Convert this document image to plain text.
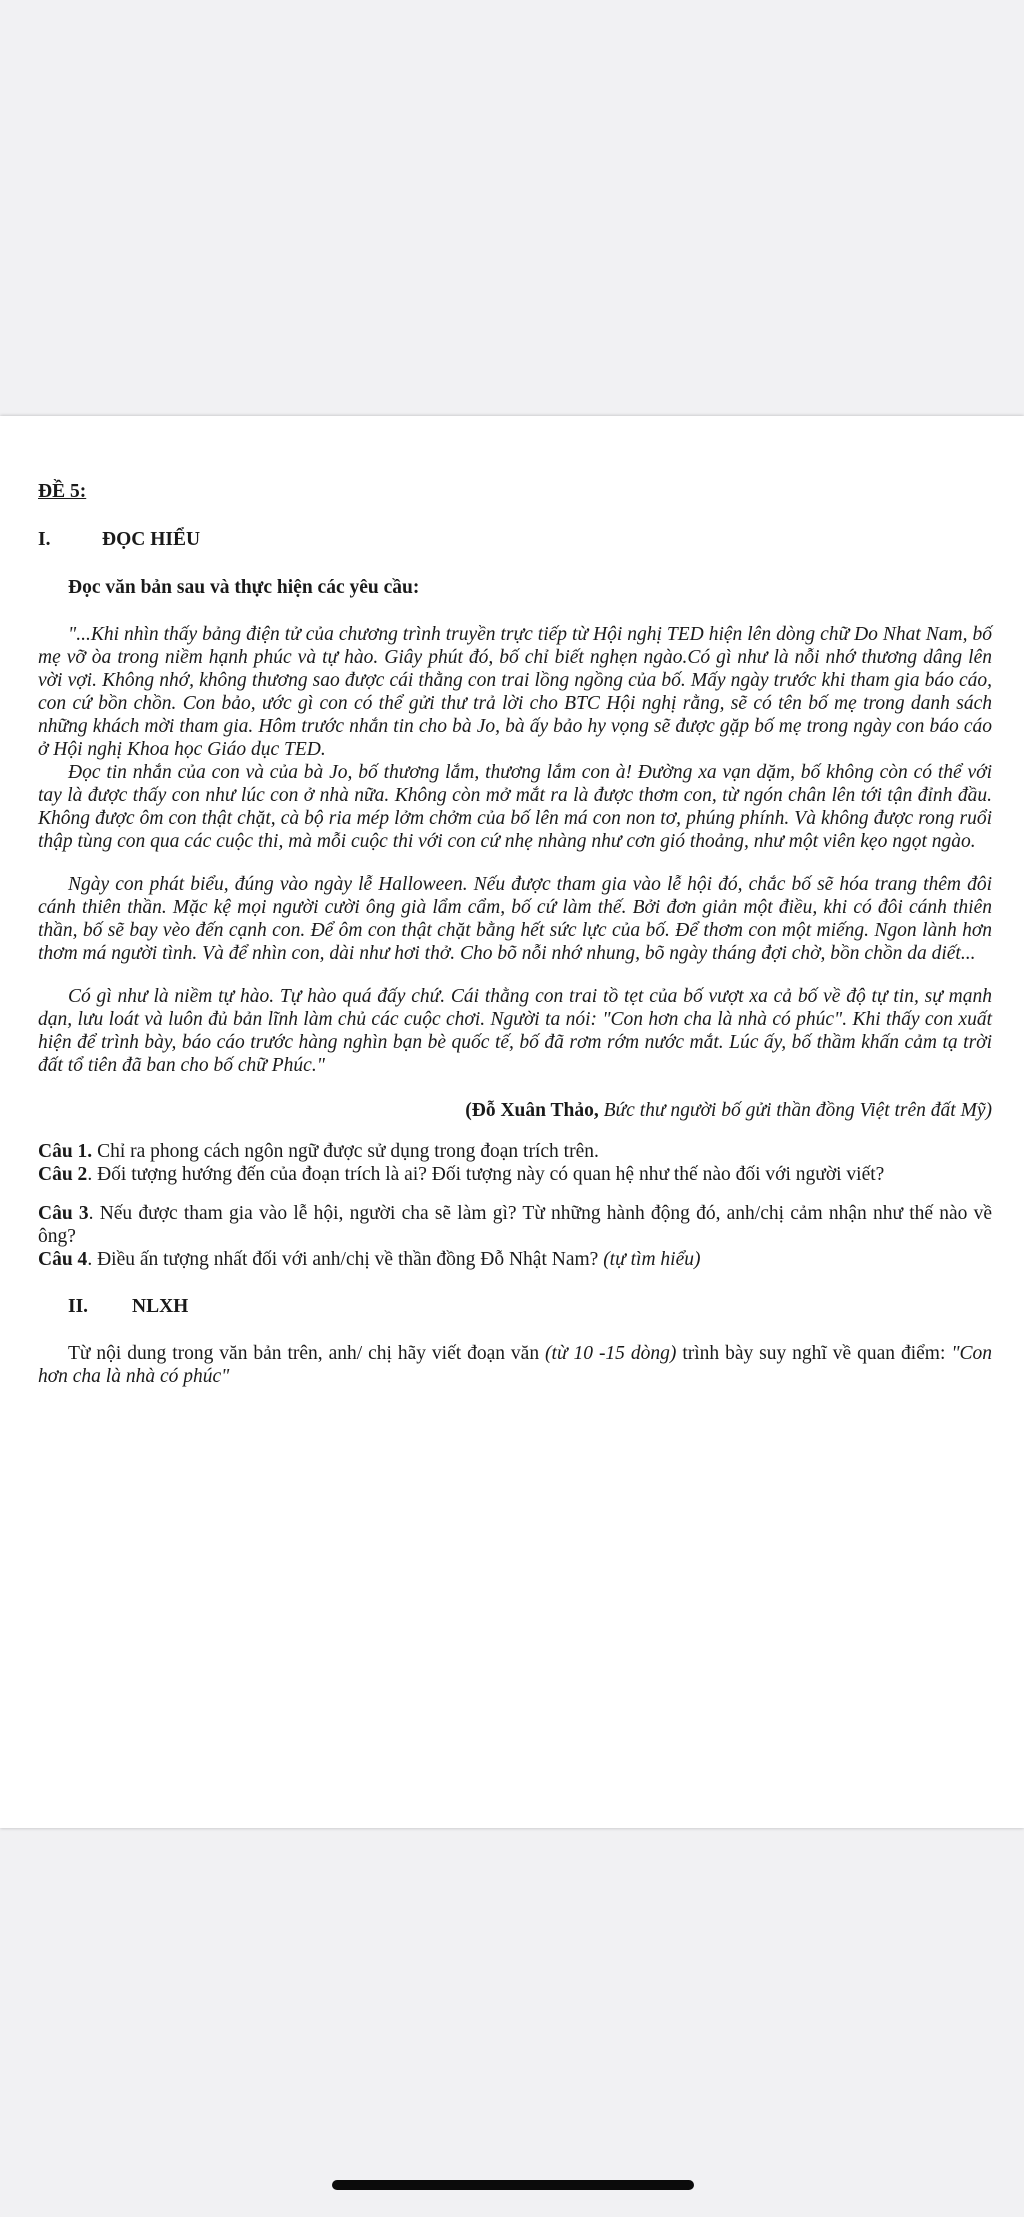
ĐỀ 5:
I.	ĐỌC HIỂU
Đọc văn bản sau và thực hiện các yêu cầu:

"...Khi nhìn thấy bảng điện tử của chương trình truyền trực tiếp từ Hội nghị TED hiện lên dòng chữ Do Nhat Nam, bố mẹ vỡ òa trong niềm hạnh phúc và tự hào. Giây phút đó, bố chỉ biết nghẹn ngào.Có gì như là nỗi nhớ thương dâng lên vời vợi. Không nhớ, không thương sao được cái thằng con trai lồng ngồng của bố. Mấy ngày trước khi tham gia báo cáo, con cứ bồn chồn. Con bảo, ước gì con có thể gửi thư trả lời cho BTC Hội nghị rằng, sẽ có tên bố mẹ trong danh sách những khách mời tham gia. Hôm trước nhắn tin cho bà Jo, bà ấy bảo hy vọng sẽ được gặp bố mẹ trong ngày con báo cáo ở Hội nghị Khoa học Giáo dục TED.

Đọc tin nhắn của con và của bà Jo, bố thương lắm, thương lắm con à! Đường xa vạn dặm, bố không còn có thể với tay là được thấy con như lúc con ở nhà nữa. Không còn mở mắt ra là được thơm con, từ ngón chân lên tới tận đỉnh đầu. Không được ôm con thật chặt, cà bộ ria mép lởm chởm của bố lên má con non tơ, phúng phính. Và không được rong ruổi thập tùng con qua các cuộc thi, mà mỗi cuộc thi với con cứ nhẹ nhàng như cơn gió thoảng, như một viên kẹo ngọt ngào.

Ngày con phát biểu, đúng vào ngày lễ Halloween. Nếu được tham gia vào lễ hội đó, chắc bố sẽ hóa trang thêm đôi cánh thiên thần. Mặc kệ mọi người cười ông già lẩm cẩm, bố cứ làm thế. Bởi đơn giản một điều, khi có đôi cánh thiên thần, bố sẽ bay vèo đến cạnh con. Để ôm con thật chặt bằng hết sức lực của bố. Để thơm con một miếng. Ngon lành hơn thơm má người tình. Và để nhìn con, dài như hơi thở. Cho bõ nỗi nhớ nhung, bõ ngày tháng đợi chờ, bồn chồn da diết...

Có gì như là niềm tự hào. Tự hào quá đấy chứ. Cái thằng con trai tồ tẹt của bố vượt xa cả bố về độ tự tin, sự mạnh dạn, lưu loát và luôn đủ bản lĩnh làm chủ các cuộc chơi. Người ta nói: "Con hơn cha là nhà có phúc". Khi thấy con xuất hiện để trình bày, báo cáo trước hàng nghìn bạn bè quốc tế, bố đã rơm rớm nước mắt. Lúc ấy, bố thầm khấn cảm tạ trời đất tổ tiên đã ban cho bố chữ Phúc."

(Đỗ Xuân Thảo, Bức thư người bố gửi thần đồng Việt trên đất Mỹ)

Câu 1. Chỉ ra phong cách ngôn ngữ được sử dụng trong đoạn trích trên.

Câu 2. Đối tượng hướng đến của đoạn trích là ai? Đối tượng này có quan hệ như thế nào đối với người viết?

Câu 3. Nếu được tham gia vào lễ hội, người cha sẽ làm gì? Từ những hành động đó, anh/chị cảm nhận như thế nào về ông?

Câu 4. Điều ấn tượng nhất đối với anh/chị về thần đồng Đỗ Nhật Nam? (tự tìm hiểu)

II.	NLXH

Từ nội dung trong văn bản trên, anh/ chị hãy viết đoạn văn (từ 10 -15 dòng) trình bày suy nghĩ về quan điểm: "Con hơn cha là nhà có phúc"
